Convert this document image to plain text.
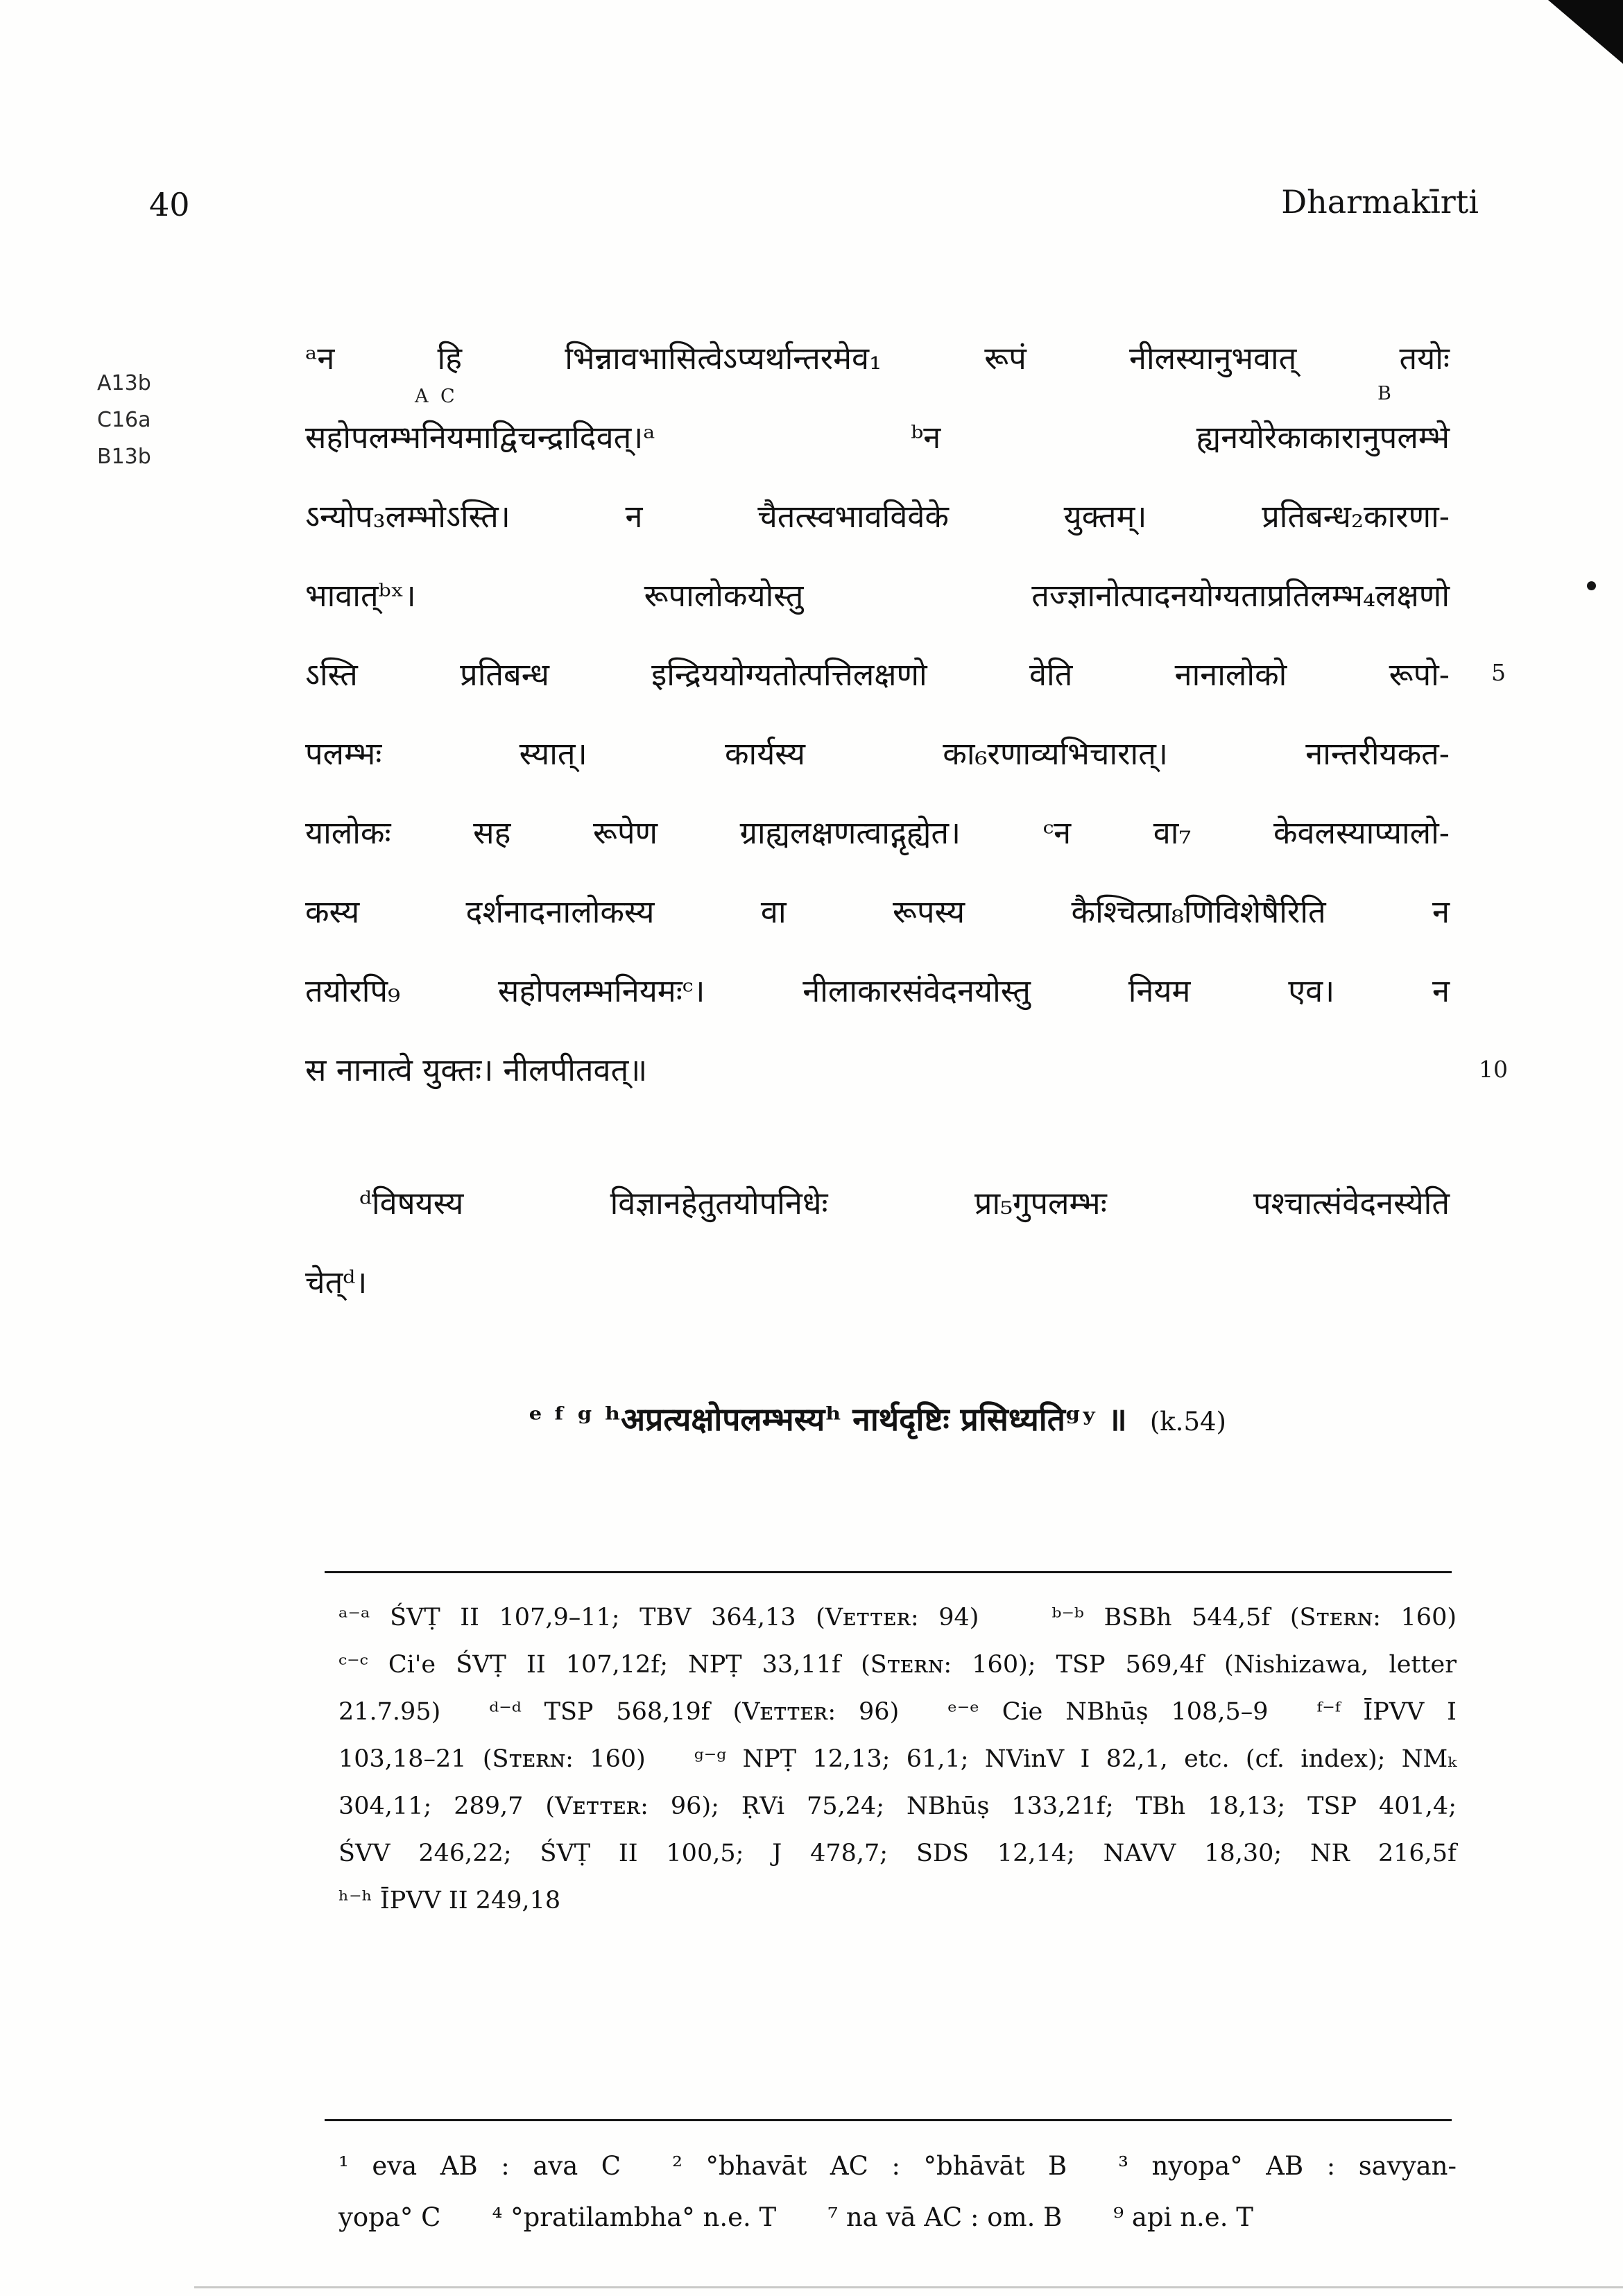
40	Dharmakīrti
A13b
C16a
B13b
ᵃन हि भिन्नावभासित्वेऽप्यर्थान्तरमेव₁ रूपं नीलस्यानुभवात् तयोः
सहोपलम्भनियमाद्विचन्द्रादिवत्।ᵃ ᵇन ह्यनयोरेकाकारानुपलम्भे
ऽन्योप₃लम्भोऽस्ति। न चैतत्स्वभावविवेके युक्तम्। प्रतिबन्ध₂कारणा-
भावात्ᵇˣ। रूपालोकयोस्तु तज्ज्ञानोत्पादनयोग्यताप्रतिलम्भ₄लक्षणो
ऽस्ति प्रतिबन्ध इन्द्रिययोग्यतोत्पत्तिलक्षणो वेति नानालोको रूपो-
पलम्भः स्यात्। कार्यस्य का₆रणाव्यभिचारात्। नान्तरीयकत-
यालोकः सह रूपेण ग्राह्यलक्षणत्वाद्गृह्येत। ᶜन वा₇ केवलस्याप्यालो-
कस्य दर्शनादनालोकस्य वा रूपस्य कैश्चित्प्रा₈णिविशेषैरिति न
तयोरपि₉ सहोपलम्भनियमःᶜ। नीलाकारसंवेदनयोस्तु नियम एव। न
स नानात्वे युक्तः। नीलपीतवत्॥
ᵈविषयस्य विज्ञानहेतुतयोपनिधेः प्रा₅गुपलम्भः पश्चात्संवेदनस्येति
चेत्ᵈ।
ᵉ ᶠ ᵍ ʰअप्रत्यक्षोपलम्भस्यʰ नार्थदृष्टिः प्रसिध्यतिᵍʸ ॥ (k.54)
A C	B
5
10
ᵃ⁻ᵃ ŚVṬ II 107,9–11; TBV 364,13 (Vᴇᴛᴛᴇʀ: 94)   ᵇ⁻ᵇ BSBh 544,5f (Sᴛᴇʀɴ: 160)
ᶜ⁻ᶜ Ci'e ŚVṬ II 107,12f; NPṬ 33,11f (Sᴛᴇʀɴ: 160); TSP 569,4f (Nishizawa, letter
21.7.95)  ᵈ⁻ᵈ TSP 568,19f (Vᴇᴛᴛᴇʀ: 96)  ᵉ⁻ᵉ Cie NBhūṣ 108,5–9  ᶠ⁻ᶠ ĪPVV I
103,18–21 (Sᴛᴇʀɴ: 160)  ᵍ⁻ᵍ NPṬ 12,13; 61,1; NVinV I 82,1, etc. (cf. index); NMₖ
304,11; 289,7 (Vᴇᴛᴛᴇʀ: 96); ṚVi 75,24; NBhūṣ 133,21f; TBh 18,13; TSP 401,4;
ŚVV 246,22; ŚVṬ II 100,5; J 478,7; SDS 12,14; NAVV 18,30; NR 216,5f
ʰ⁻ʰ ĪPVV II 249,18
¹ eva AB : ava C  ² °bhavāt AC : °bhāvāt B  ³ nyopa° AB : savyan-
yopa° C  ⁴ °pratilambha° n.e. T  ⁷ na vā AC : om. B  ⁹ api n.e. T
